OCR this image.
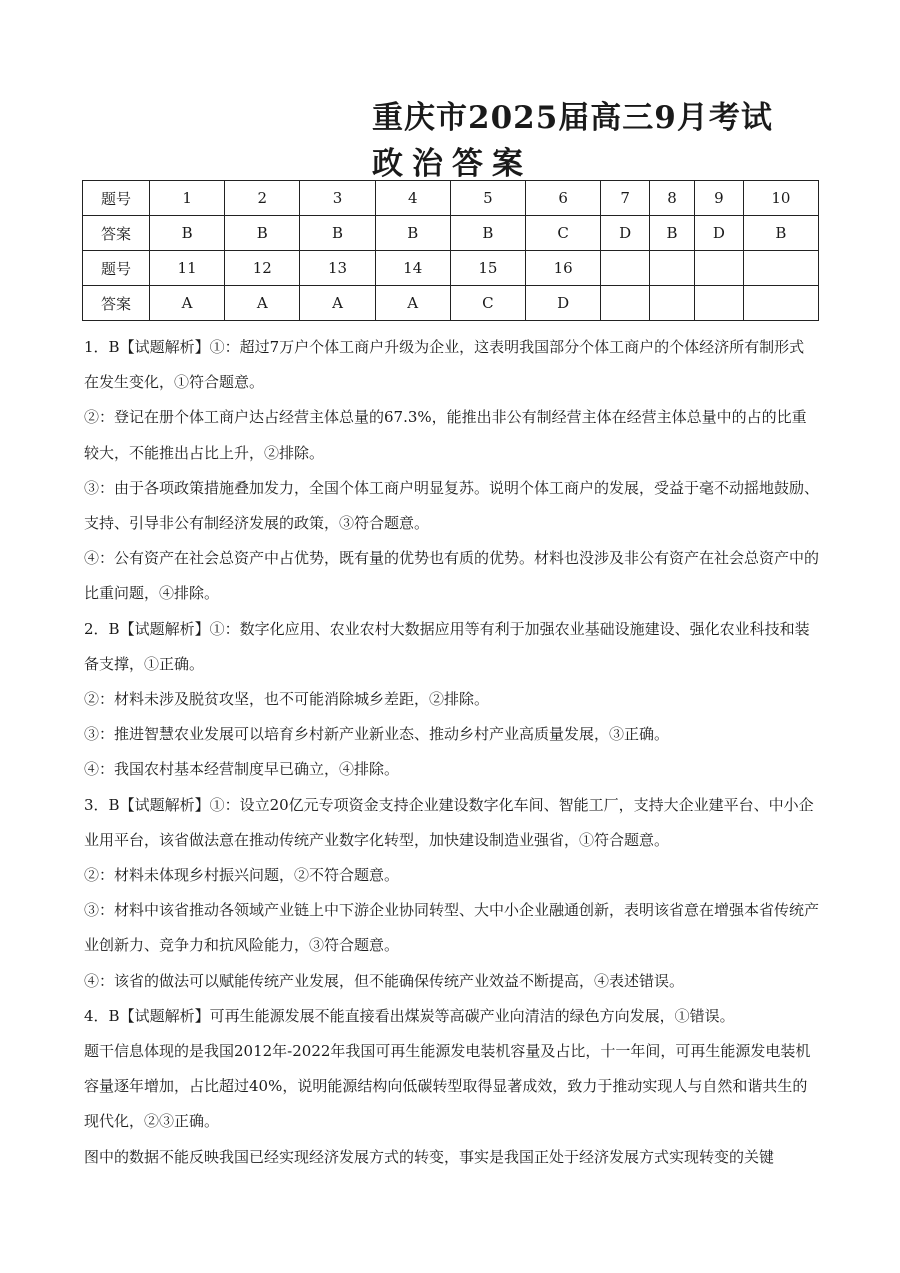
重庆市2025届高三9月考试
政治答案
题号	1	2	3	4	5	6	7	8	9	10
答案	B	B	B	B	B	C	D	B	D	B
题号	11	12	13	14	15	16				
答案	A	A	A	A	C	D				

1．B【试题解析】①：超过7万户个体工商户升级为企业，这表明我国部分个体工商户的个体经济所有制形式在发生变化，①符合题意。

②：登记在册个体工商户达占经营主体总量的67.3%，能推出非公有制经营主体在经营主体总量中的占的比重较大，不能推出占比上升，②排除。

③：由于各项政策措施叠加发力，全国个体工商户明显复苏。说明个体工商户的发展，受益于毫不动摇地鼓励、支持、引导非公有制经济发展的政策，③符合题意。

④：公有资产在社会总资产中占优势，既有量的优势也有质的优势。材料也没涉及非公有资产在社会总资产中的比重问题，④排除。

2．B【试题解析】①：数字化应用、农业农村大数据应用等有利于加强农业基础设施建设、强化农业科技和装备支撑，①正确。

②：材料未涉及脱贫攻坚，也不可能消除城乡差距，②排除。

③：推进智慧农业发展可以培育乡村新产业新业态、推动乡村产业高质量发展，③正确。

④：我国农村基本经营制度早已确立，④排除。

3．B【试题解析】①：设立20亿元专项资金支持企业建设数字化车间、智能工厂，支持大企业建平台、中小企业用平台，该省做法意在推动传统产业数字化转型，加快建设制造业强省，①符合题意。

②：材料未体现乡村振兴问题，②不符合题意。

③：材料中该省推动各领域产业链上中下游企业协同转型、大中小企业融通创新，表明该省意在增强本省传统产业创新力、竞争力和抗风险能力，③符合题意。

④：该省的做法可以赋能传统产业发展，但不能确保传统产业效益不断提高，④表述错误。

4．B【试题解析】可再生能源发展不能直接看出煤炭等高碳产业向清洁的绿色方向发展，①错误。

题干信息体现的是我国2012年-2022年我国可再生能源发电装机容量及占比，十一年间，可再生能源发电装机容量逐年增加，占比超过40%，说明能源结构向低碳转型取得显著成效，致力于推动实现人与自然和谐共生的现代化，②③正确。

图中的数据不能反映我国已经实现经济发展方式的转变，事实是我国正处于经济发展方式实现转变的关键
